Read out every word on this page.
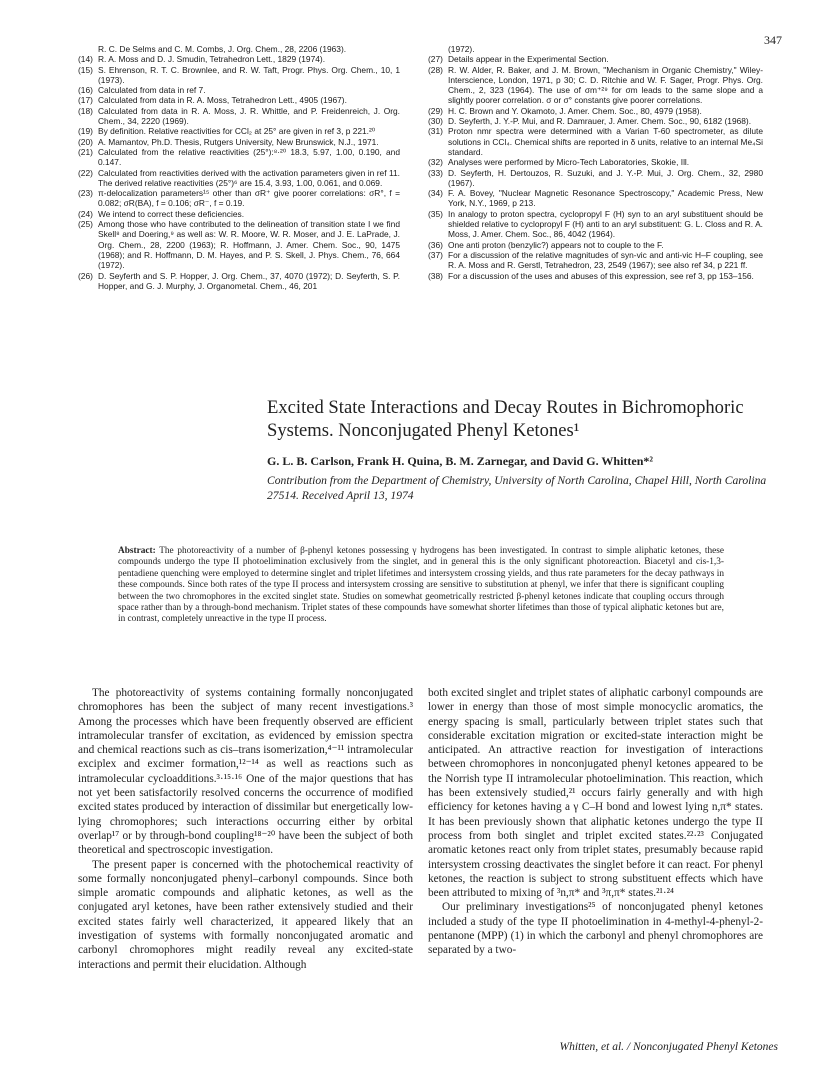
347
R. C. De Selms and C. M. Combs, J. Org. Chem., 28, 2206 (1963).
(14) R. A. Moss and D. J. Smudin, Tetrahedron Lett., 1829 (1974).
(15) S. Ehrenson, R. T. C. Brownlee, and R. W. Taft, Progr. Phys. Org. Chem., 10, 1 (1973).
(16) Calculated from data in ref 7.
(17) Calculated from data in R. A. Moss, Tetrahedron Lett., 4905 (1967).
(18) Calculated from data in R. A. Moss, J. R. Whittle, and P. Freidenreich, J. Org. Chem., 34, 2220 (1969).
(19) By definition. Relative reactivities for CCl₂ at 25° are given in ref 3, p 221.²⁰
(20) A. Mamantov, Ph.D. Thesis, Rutgers University, New Brunswick, N.J., 1971.
(21) Calculated from the relative reactivities (25°):⁸·²⁰ 18.3, 5.97, 1.00, 0.190, and 0.147.
(22) Calculated from reactivities derived with the activation parameters given in ref 11. The derived relative reactivities (25°)⁶ are 15.4, 3.93, 1.00, 0.061, and 0.069.
(23) π-delocalization parameters¹⁵ other than σR⁺ give poorer correlations: σR°, f = 0.082; σR(BA), f = 0.106; σR⁻, f = 0.19.
(24) We intend to correct these deficiencies.
(25) Among those who have contributed to the delineation of transition state I we find Skell⁸ and Doering,⁹ as well as: W. R. Moore, W. R. Moser, and J. E. LaPrade, J. Org. Chem., 28, 2200 (1963); R. Hoffmann, J. Amer. Chem. Soc., 90, 1475 (1968); and R. Hoffmann, D. M. Hayes, and P. S. Skell, J. Phys. Chem., 76, 664 (1972).
(26) D. Seyferth and S. P. Hopper, J. Org. Chem., 37, 4070 (1972); D. Seyferth, S. P. Hopper, and G. J. Murphy, J. Organometal. Chem., 46, 201
(1972).
(27) Details appear in the Experimental Section.
(28) R. W. Alder, R. Baker, and J. M. Brown, "Mechanism in Organic Chemistry," Wiley-Interscience, London, 1971, p 30; C. D. Ritchie and W. F. Sager, Progr. Phys. Org. Chem., 2, 323 (1964). The use of σm⁺²⁹ for σm leads to the same slope and a slightly poorer correlation. σ or σ° constants give poorer correlations.
(29) H. C. Brown and Y. Okamoto, J. Amer. Chem. Soc., 80, 4979 (1958).
(30) D. Seyferth, J. Y.-P. Mui, and R. Damrauer, J. Amer. Chem. Soc., 90, 6182 (1968).
(31) Proton nmr spectra were determined with a Varian T-60 spectrometer, as dilute solutions in CCl₄. Chemical shifts are reported in δ units, relative to an internal Me₄Si standard.
(32) Analyses were performed by Micro-Tech Laboratories, Skokie, Ill.
(33) D. Seyferth, H. Dertouzos, R. Suzuki, and J. Y.-P. Mui, J. Org. Chem., 32, 2980 (1967).
(34) F. A. Bovey, "Nuclear Magnetic Resonance Spectroscopy," Academic Press, New York, N.Y., 1969, p 213.
(35) In analogy to proton spectra, cyclopropyl F (H) syn to an aryl substituent should be shielded relative to cyclopropyl F (H) anti to an aryl substituent: G. L. Closs and R. A. Moss, J. Amer. Chem. Soc., 86, 4042 (1964).
(36) One anti proton (benzylic?) appears not to couple to the F.
(37) For a discussion of the relative magnitudes of syn-vic and anti-vic H–F coupling, see R. A. Moss and R. Gerstl, Tetrahedron, 23, 2549 (1967); see also ref 34, p 221 ff.
(38) For a discussion of the uses and abuses of this expression, see ref 3, pp 153–156.
Excited State Interactions and Decay Routes in Bichromophoric Systems. Nonconjugated Phenyl Ketones¹
G. L. B. Carlson, Frank H. Quina, B. M. Zarnegar, and David G. Whitten*²
Contribution from the Department of Chemistry, University of North Carolina, Chapel Hill, North Carolina 27514. Received April 13, 1974
Abstract: The photoreactivity of a number of β-phenyl ketones possessing γ hydrogens has been investigated. In contrast to simple aliphatic ketones, these compounds undergo the type II photoelimination exclusively from the singlet, and in general this is the only significant photoreaction. Biacetyl and cis-1,3-pentadiene quenching were employed to determine singlet and triplet lifetimes and intersystem crossing yields, and thus rate parameters for the decay pathways in these compounds. Since both rates of the type II process and intersystem crossing are sensitive to substitution at phenyl, we infer that there is significant coupling between the two chromophores in the excited singlet state. Studies on somewhat geometrically restricted β-phenyl ketones indicate that coupling occurs through space rather than by a through-bond mechanism. Triplet states of these compounds have somewhat shorter lifetimes than those of typical aliphatic ketones but are, in contrast, completely unreactive in the type II process.

The photoreactivity of systems containing formally nonconjugated chromophores has been the subject of many recent investigations.³ Among the processes which have been frequently observed are efficient intramolecular transfer of excitation, as evidenced by emission spectra and chemical reactions such as cis–trans isomerization,⁴⁻¹¹ intramolecular exciplex and excimer formation,¹²⁻¹⁴ as well as reactions such as intramolecular cycloadditions.³·¹⁵·¹⁶ One of the major questions that has not yet been satisfactorily resolved concerns the occurrence of modified excited states produced by interaction of dissimilar but energetically low-lying chromophores; such interactions occurring either by orbital overlap¹⁷ or by through-bond coupling¹⁸⁻²⁰ have been the subject of both theoretical and spectroscopic investigation.

The present paper is concerned with the photochemical reactivity of some formally nonconjugated phenyl–carbonyl compounds. Since both simple aromatic compounds and aliphatic ketones, as well as the conjugated aryl ketones, have been rather extensively studied and their excited states fairly well characterized, it appeared likely that an investigation of systems with formally nonconjugated aromatic and carbonyl chromophores might readily reveal any excited-state interactions and permit their elucidation. Although

both excited singlet and triplet states of aliphatic carbonyl compounds are lower in energy than those of most simple monocyclic aromatics, the energy spacing is small, particularly between triplet states such that considerable excitation migration or excited-state interaction might be anticipated. An attractive reaction for investigation of interactions between chromophores in nonconjugated phenyl ketones appeared to be the Norrish type II intramolecular photoelimination. This reaction, which has been extensively studied,²¹ occurs fairly generally and with high efficiency for ketones having a γ C–H bond and lowest lying n,π* states. It has been previously shown that aliphatic ketones undergo the type II process from both singlet and triplet excited states.²²·²³ Conjugated aromatic ketones react only from triplet states, presumably because rapid intersystem crossing deactivates the singlet before it can react. For phenyl ketones, the reaction is subject to strong substituent effects which have been attributed to mixing of ³n,π* and ³π,π* states.²¹·²⁴

Our preliminary investigations²⁵ of nonconjugated phenyl ketones included a study of the type II photoelimination in 4-methyl-4-phenyl-2-pentanone (MPP) (1) in which the carbonyl and phenyl chromophores are separated by a two-

Whitten, et al. / Nonconjugated Phenyl Ketones
